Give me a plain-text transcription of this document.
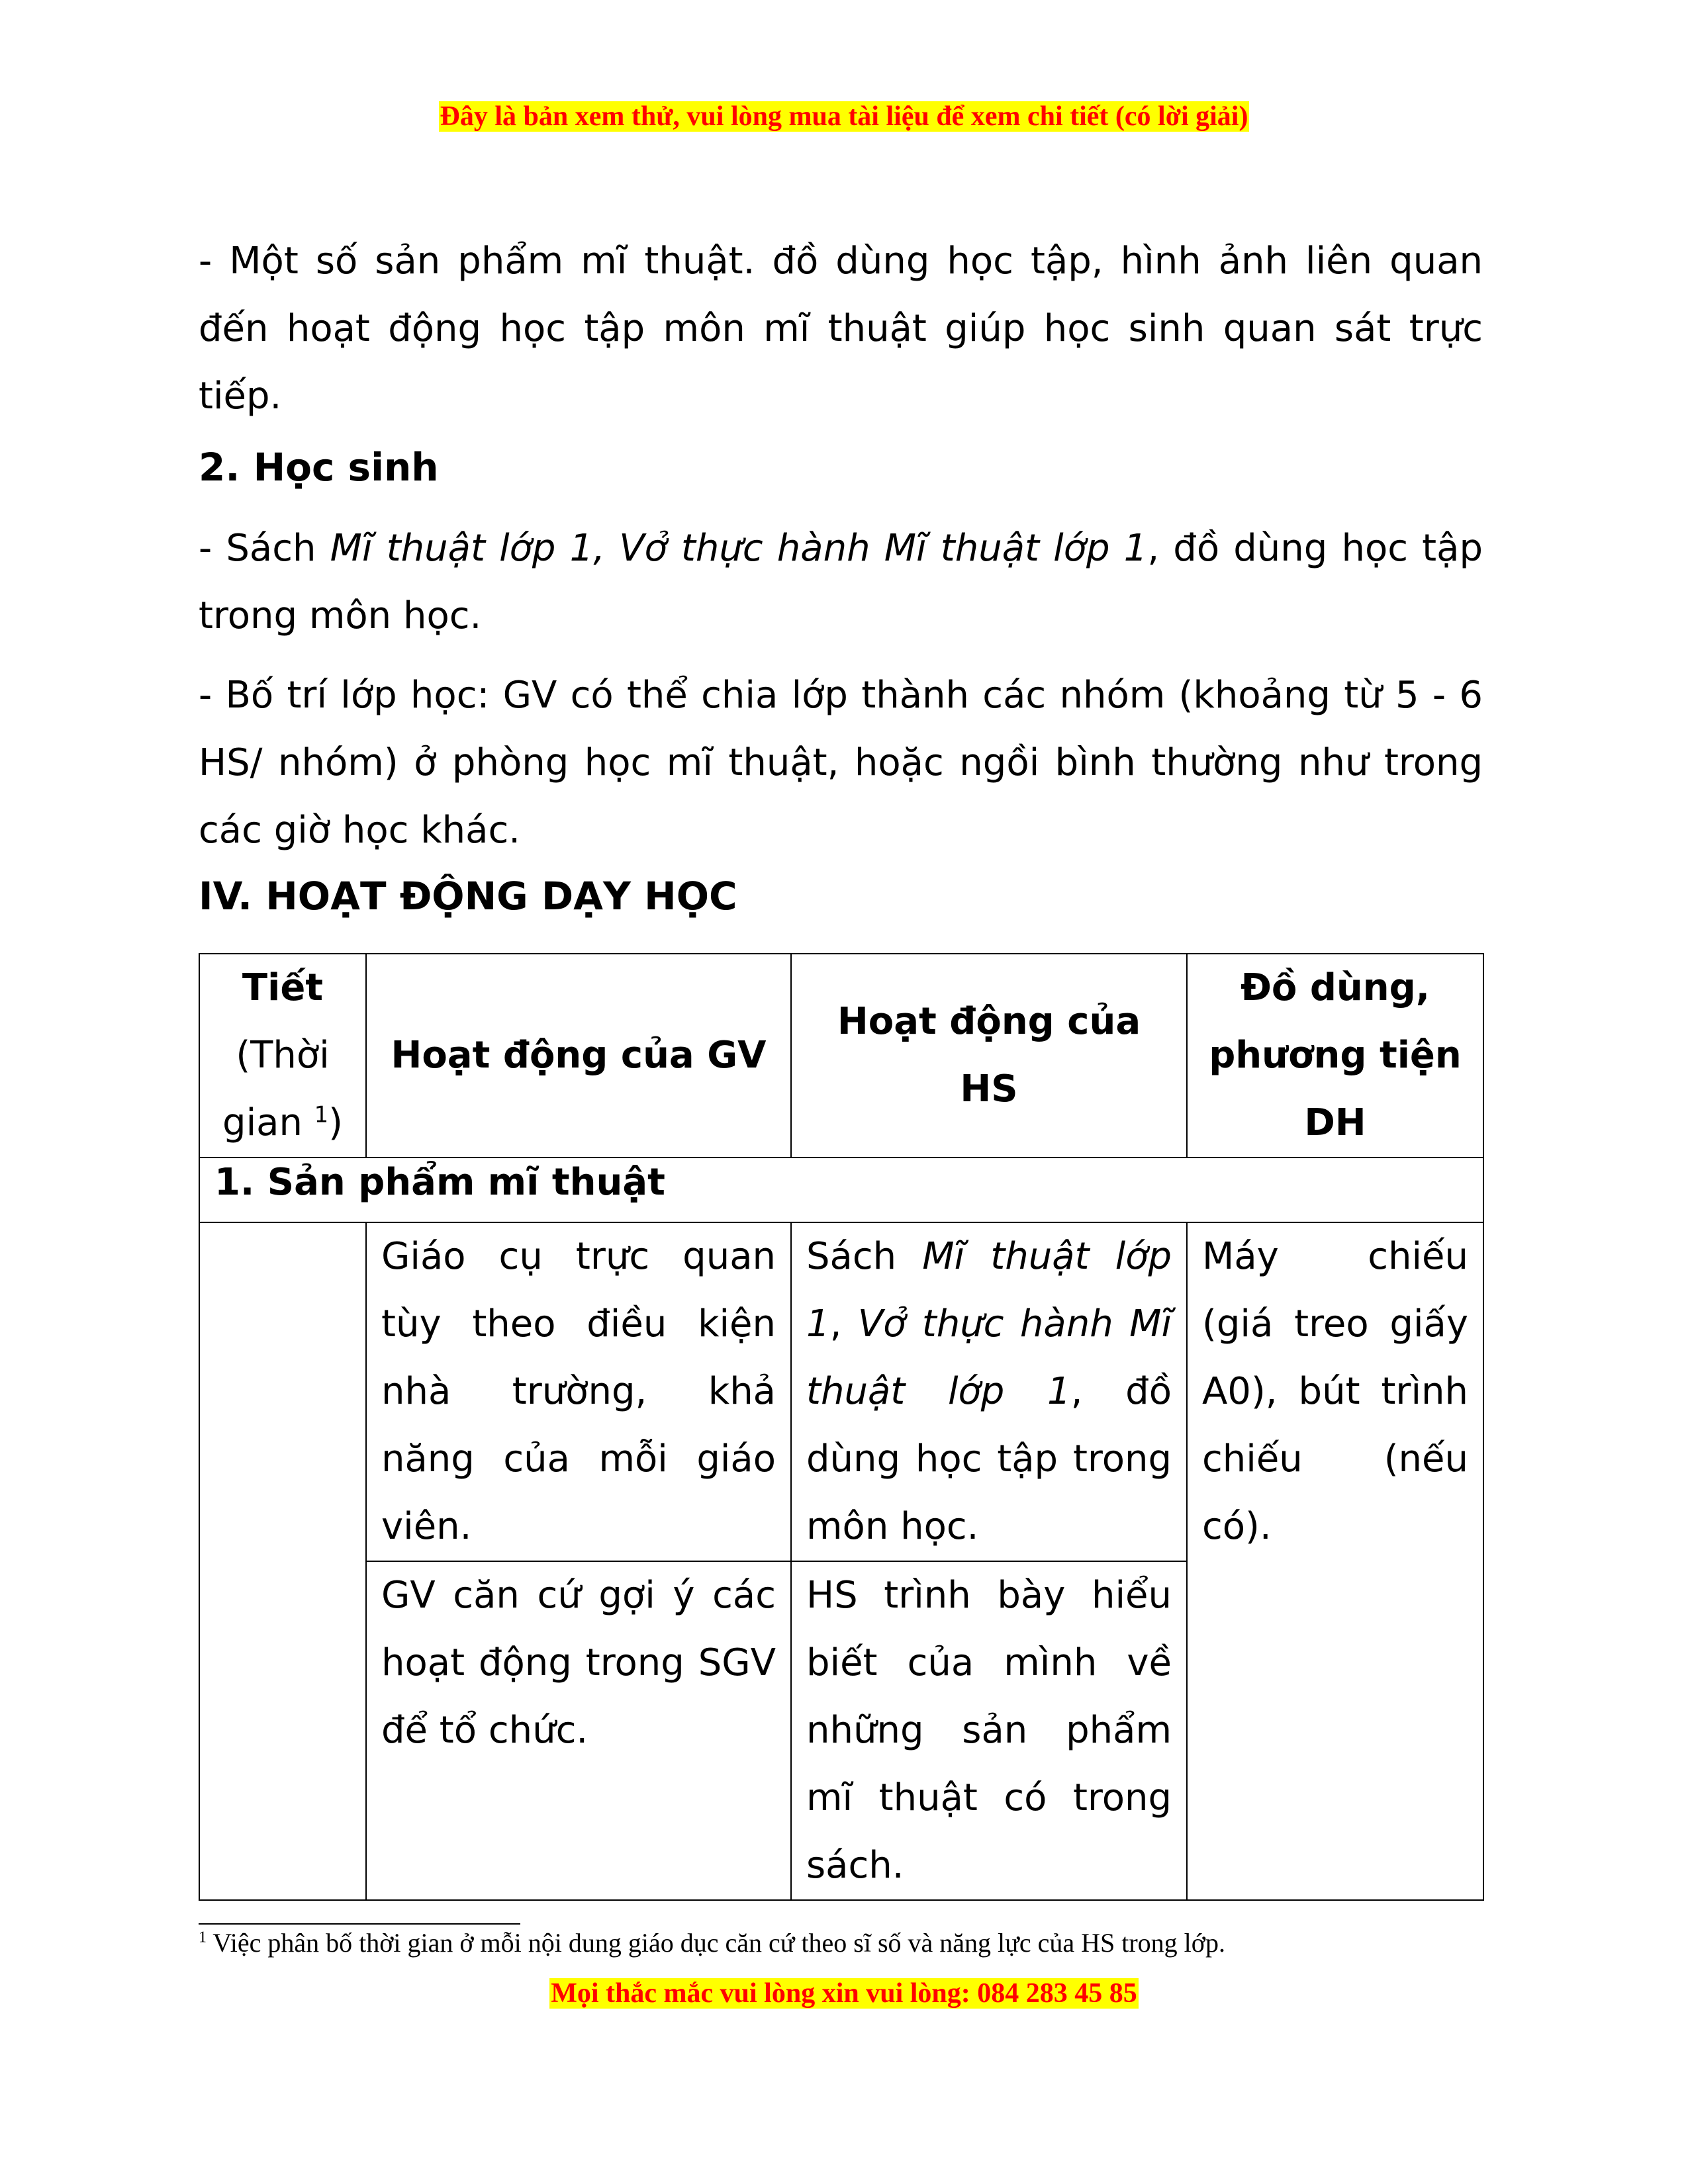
Đây là bản xem thử, vui lòng mua tài liệu để xem chi tiết (có lời giải)

- Một số sản phẩm mĩ thuật. đồ dùng học tập, hình ảnh liên quan đến hoạt động học tập môn mĩ thuật giúp học sinh quan sát trực tiếp.

2. Học sinh

- Sách Mĩ thuật lớp 1, Vở thực hành Mĩ thuật lớp 1, đồ dùng học tập trong môn học.

- Bố trí lớp học: GV có thể chia lớp thành các nhóm (khoảng từ 5 - 6 HS/ nhóm) ở phòng học mĩ thuật, hoặc ngồi bình thường như trong các giờ học khác.

IV. HOẠT ĐỘNG DẠY HỌC

Tiết
(Thời gian $^1$)	Hoạt động của GV	Hoạt động của HS	Đồ dùng, phương tiện DH
1. Sản phẩm mĩ thuật			
	Giáo cụ trực quan tùy theo điều kiện nhà trường, khả năng của mỗi giáo viên.	Sách Mĩ thuật lớp 1, Vở thực hành Mĩ thuật lớp 1, đồ dùng học tập trong môn học.	Máy chiếu (giá treo giấy A0), bút trình chiếu (nếu có).
	GV căn cứ gợi ý các hoạt động trong SGV để tổ chức.	HS trình bày hiểu biết của mình về những sản phẩm mĩ thuật có trong sách.	
$^1$ Việc phân bố thời gian ở mỗi nội dung giáo dục căn cứ theo sĩ số và năng lực của HS trong lớp.
Mọi thắc mắc vui lòng xin vui lòng: 084 283 45 85
